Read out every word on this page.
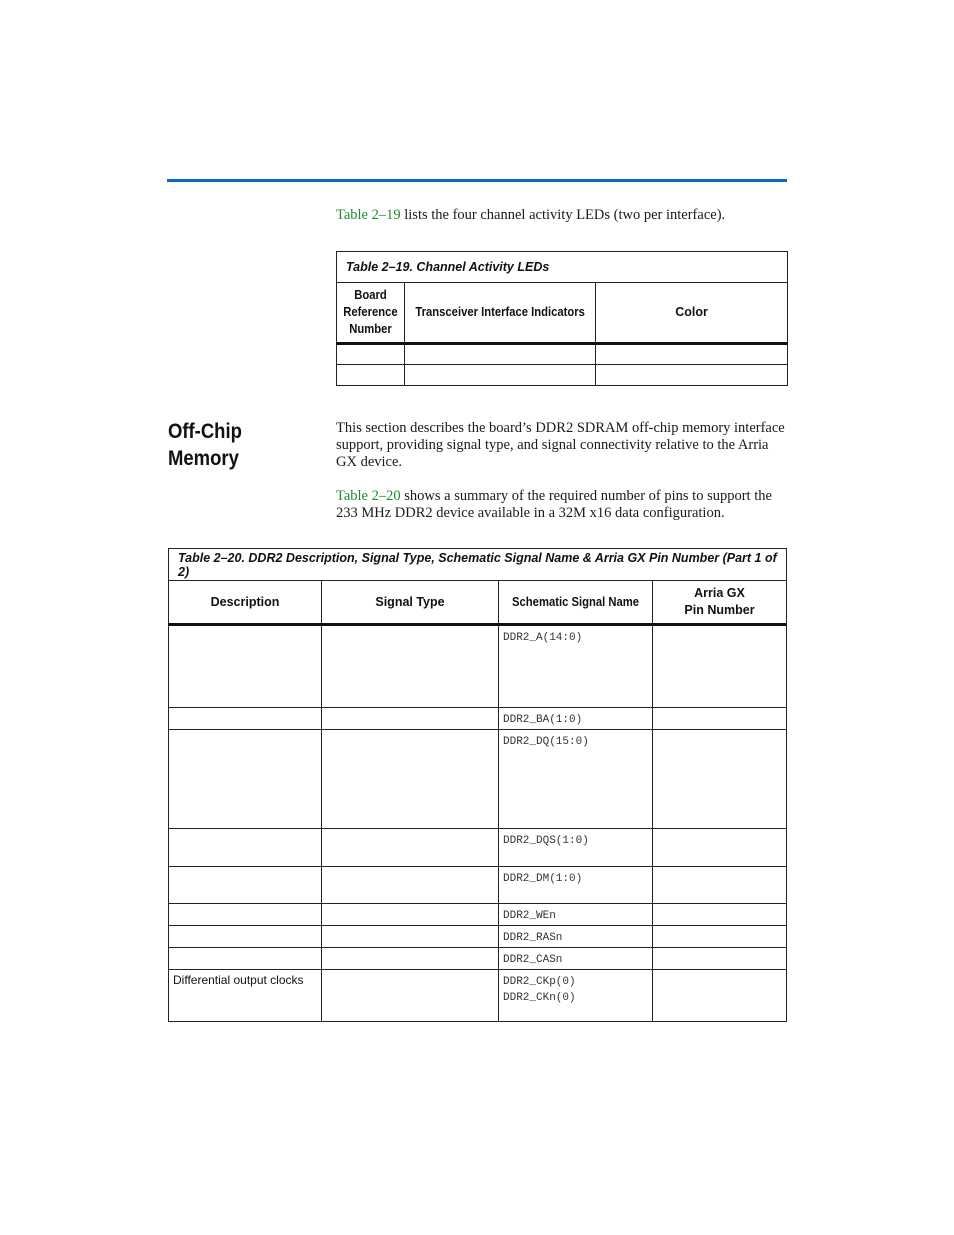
Table 2–19 lists the four channel activity LEDs (two per interface).
Table 2–19. Channel Activity LEDs		
Board Reference Number	Transceiver Interface Indicators	Color

Off-Chip
Memory
This section describes the board’s DDR2 SDRAM off-chip memory interface support, providing signal type, and signal connectivity relative to the Arria GX device.
Table 2–20 shows a summary of the required number of pins to support the 233 MHz DDR2 device available in a 32M x16 data configuration.
Table 2–20. DDR2 Description, Signal Type, Schematic Signal Name & Arria GX Pin Number (Part 1 of 2)			
Description	Signal Type	Schematic Signal Name	Arria GX
Pin Number

		DDR2_A(14:0)	
		DDR2_BA(1:0)	
		DDR2_DQ(15:0)	
		DDR2_DQS(1:0)	
		DDR2_DM(1:0)	
		DDR2_WEn	
		DDR2_RASn	
		DDR2_CASn	
Differential output clocks		DDR2_CKp(0)
DDR2_CKn(0)	
